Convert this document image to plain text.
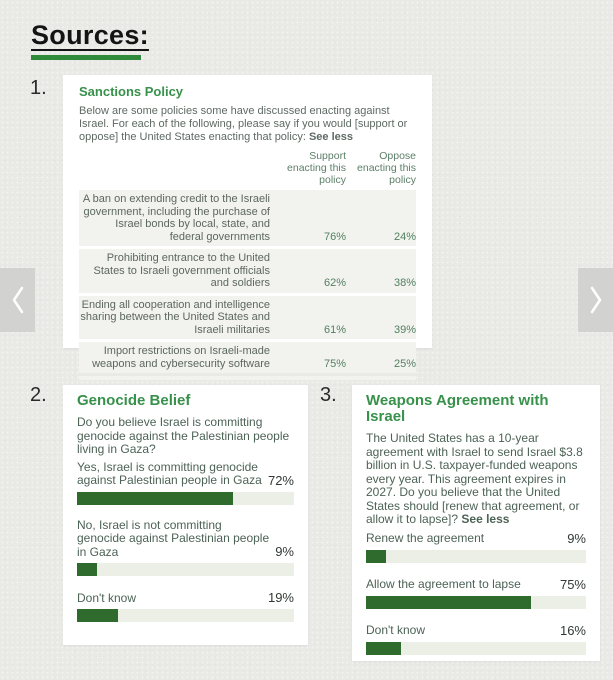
Sources:
1. Sanctions Policy

Below are some policies some have discussed enacting against Israel. For each of the following, please say if you would [support or oppose] the United States enacting that policy: See less

Support enacting this policy
Oppose enacting this policy
A ban on extending credit to the Israeli government, including the purchase of Israel bonds by local, state, and federal governments	76%	24%
Prohibiting entrance to the United States to Israeli government officials and soldiers	62%	38%
Ending all cooperation and intelligence sharing between the United States and Israeli militaries	61%	39%
Import restrictions on Israeli-made weapons and cybersecurity software	75%	25%
2. Genocide Belief

Do you believe Israel is committing genocide against the Palestinian people living in Gaza?

Yes, Israel is committing genocide against Palestinian people in Gaza 72%
No, Israel is not committing genocide against Palestinian people in Gaza	9%
Don't know	19%
3. Weapons Agreement with Israel

The United States has a 10-year agreement with Israel to send Israel $3.8 billion in U.S. taxpayer-funded weapons every year. This agreement expires in 2027. Do you believe that the United States should [renew that agreement, or allow it to lapse]? See less

Renew the agreement	9%
Allow the agreement to lapse	75%
Don't know	16%
